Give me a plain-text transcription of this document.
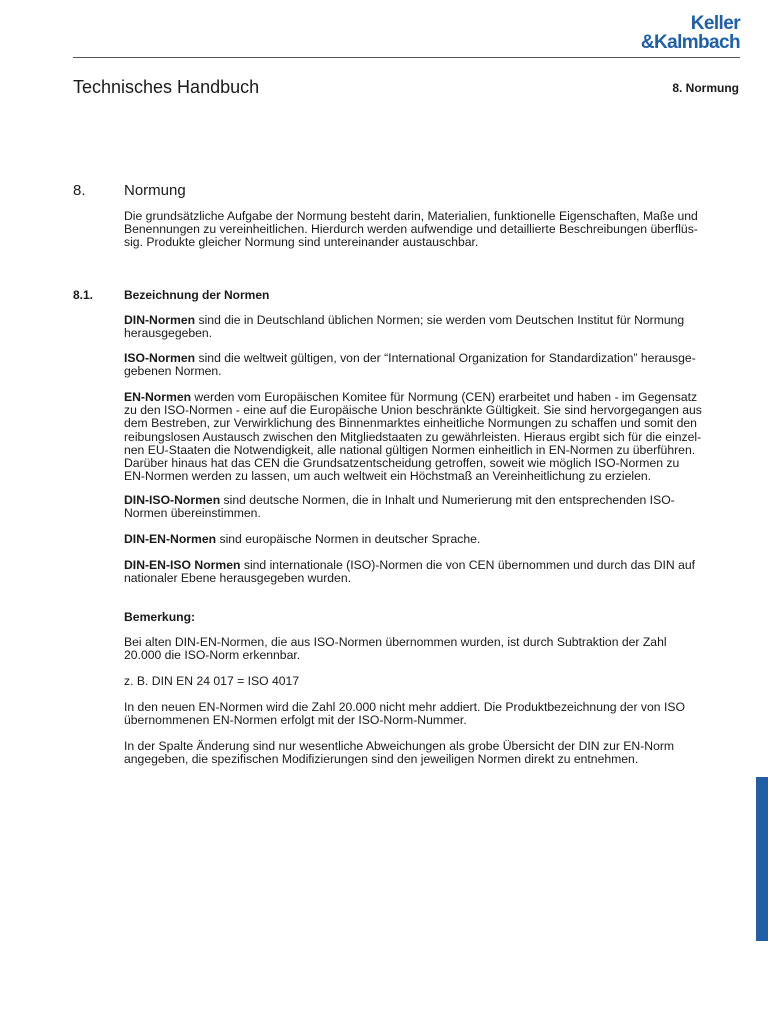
Keller
&Kalmbach
Technisches Handbuch	8. Normung
8.	Normung

Die grundsätzliche Aufgabe der Normung besteht darin, Materialien, funktionelle Eigenschaften, Maße und
Benennungen zu vereinheitlichen. Hierdurch werden aufwendige und detaillierte Beschreibungen überflüs-
sig. Produkte gleicher Normung sind untereinander austauschbar.

8.1.	Bezeichnung der Normen

DIN-Normen sind die in Deutschland üblichen Normen; sie werden vom Deutschen Institut für Normung
herausgegeben.

ISO-Normen sind die weltweit gültigen, von der “International Organization for Standardization” herausge-
gebenen Normen.

EN-Normen werden vom Europäischen Komitee für Normung (CEN) erarbeitet und haben - im Gegensatz
zu den ISO-Normen - eine auf die Europäische Union beschränkte Gültigkeit. Sie sind hervorgegangen aus
dem Bestreben, zur Verwirklichung des Binnenmarktes einheitliche Normungen zu schaffen und somit den
reibungslosen Austausch zwischen den Mitgliedstaaten zu gewährleisten. Hieraus ergibt sich für die einzel-
nen EU-Staaten die Notwendigkeit, alle national gültigen Normen einheitlich in EN-Normen zu überführen.
Darüber hinaus hat das CEN die Grundsatzentscheidung getroffen, soweit wie möglich ISO-Normen zu
EN-Normen werden zu lassen, um auch weltweit ein Höchstmaß an Vereinheitlichung zu erzielen.

DIN-ISO-Normen sind deutsche Normen, die in Inhalt und Numerierung mit den entsprechenden ISO-
Normen übereinstimmen.

DIN-EN-Normen sind europäische Normen in deutscher Sprache.

DIN-EN-ISO Normen sind internationale (ISO)-Normen die von CEN übernommen und durch das DIN auf
nationaler Ebene herausgegeben wurden.

Bemerkung:

Bei alten DIN-EN-Normen, die aus ISO-Normen übernommen wurden, ist durch Subtraktion der Zahl
20.000 die ISO-Norm erkennbar.

z. B. DIN EN 24 017 = ISO 4017

In den neuen EN-Normen wird die Zahl 20.000 nicht mehr addiert. Die Produktbezeichnung der von ISO
übernommenen EN-Normen erfolgt mit der ISO-Norm-Nummer.

In der Spalte Änderung sind nur wesentliche Abweichungen als grobe Übersicht der DIN zur EN-Norm
angegeben, die spezifischen Modifizierungen sind den jeweiligen Normen direkt zu entnehmen.
